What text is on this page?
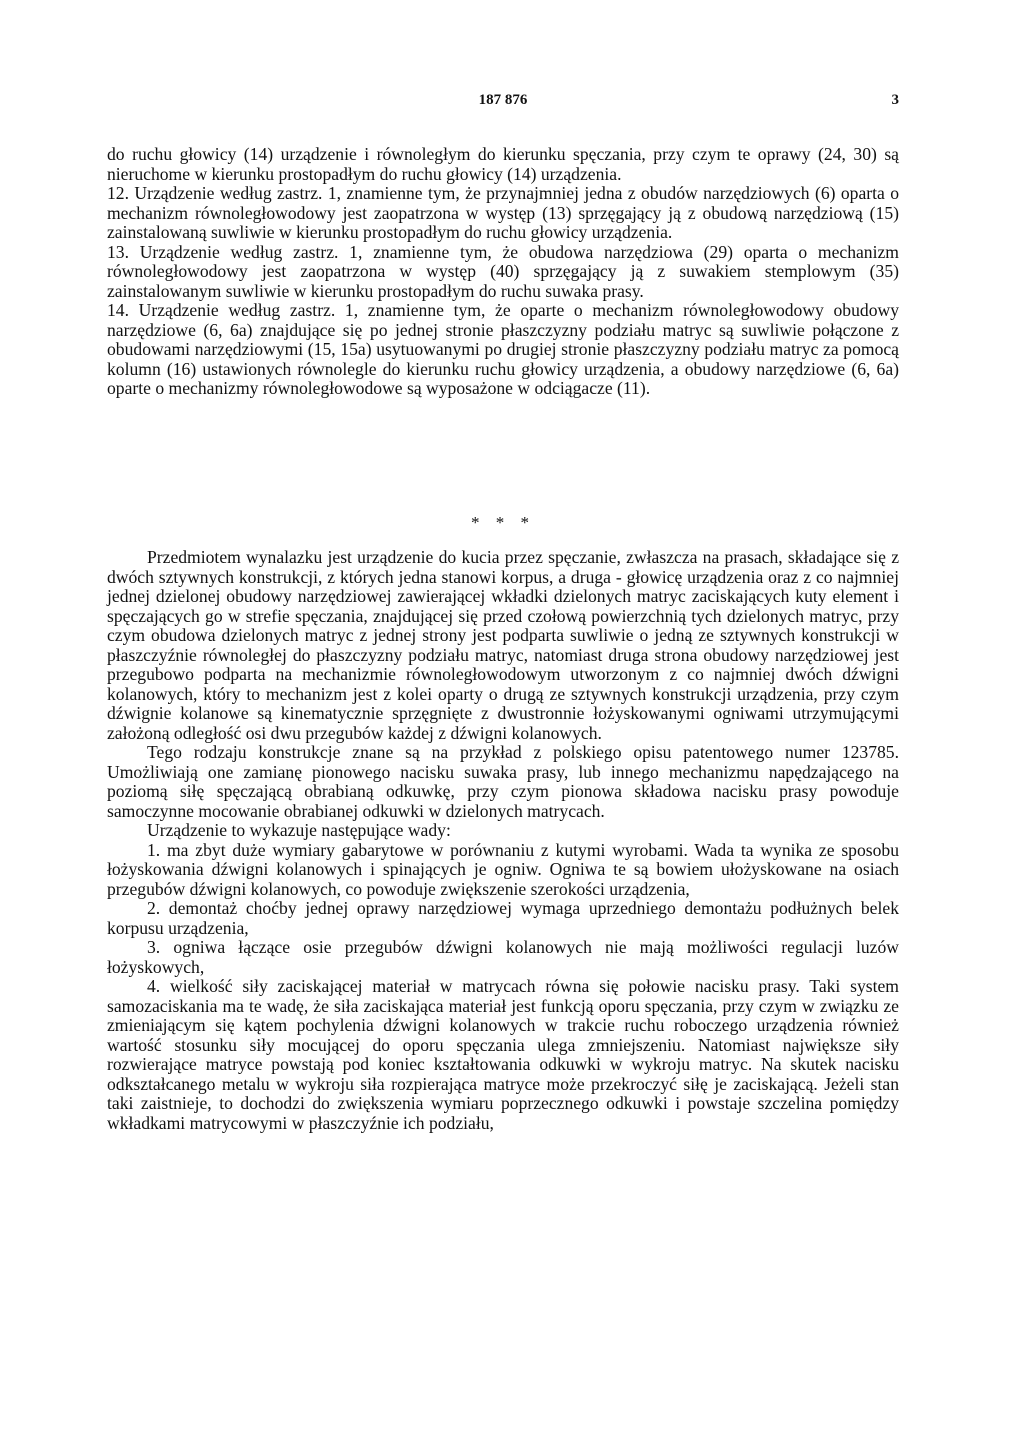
187 876	3

do ruchu głowicy (14) urządzenie i równoległym do kierunku spęczania, przy czym te oprawy (24, 30) są nieruchome w kierunku prostopadłym do ruchu głowicy (14) urządzenia.

12. Urządzenie według zastrz. 1, znamienne tym, że przynajmniej jedna z obudów narzędziowych (6) oparta o mechanizm równoległowodowy jest zaopatrzona w występ (13) sprzęgający ją z obudową narzędziową (15) zainstalowaną suwliwie w kierunku prostopadłym do ruchu głowicy urządzenia.

13. Urządzenie według zastrz. 1, znamienne tym, że obudowa narzędziowa (29) oparta o mechanizm równoległowodowy jest zaopatrzona w występ (40) sprzęgający ją z suwakiem stemplowym (35) zainstalowanym suwliwie w kierunku prostopadłym do ruchu suwaka prasy.

14. Urządzenie według zastrz. 1, znamienne tym, że oparte o mechanizm równoległowodowy obudowy narzędziowe (6, 6a) znajdujące się po jednej stronie płaszczyzny podziału matryc są suwliwie połączone z obudowami narzędziowymi (15, 15a) usytuowanymi po drugiej stronie płaszczyzny podziału matryc za pomocą kolumn (16) ustawionych równolegle do kierunku ruchu głowicy urządzenia, a obudowy narzędziowe (6, 6a) oparte o mechanizmy równoległowodowe są wyposażone w odciągacze (11).

* * *

Przedmiotem wynalazku jest urządzenie do kucia przez spęczanie, zwłaszcza na prasach, składające się z dwóch sztywnych konstrukcji, z których jedna stanowi korpus, a druga - głowicę urządzenia oraz z co najmniej jednej dzielonej obudowy narzędziowej zawierającej wkładki dzielonych matryc zaciskających kuty element i spęczających go w strefie spęczania, znajdującej się przed czołową powierzchnią tych dzielonych matryc, przy czym obudowa dzielonych matryc z jednej strony jest podparta suwliwie o jedną ze sztywnych konstrukcji w płaszczyźnie równoległej do płaszczyzny podziału matryc, natomiast druga strona obudowy narzędziowej jest przegubowo podparta na mechanizmie równoległowodowym utworzonym z co najmniej dwóch dźwigni kolanowych, który to mechanizm jest z kolei oparty o drugą ze sztywnych konstrukcji urządzenia, przy czym dźwignie kolanowe są kinematycznie sprzęgnięte z dwustronnie łożyskowanymi ogniwami utrzymującymi założoną odległość osi dwu przegubów każdej z dźwigni kolanowych.

Tego rodzaju konstrukcje znane są na przykład z polskiego opisu patentowego numer 123785. Umożliwiają one zamianę pionowego nacisku suwaka prasy, lub innego mechanizmu napędzającego na poziomą siłę spęczającą obrabianą odkuwkę, przy czym pionowa składowa nacisku prasy powoduje samoczynne mocowanie obrabianej odkuwki w dzielonych matrycach.

Urządzenie to wykazuje następujące wady:

1. ma zbyt duże wymiary gabarytowe w porównaniu z kutymi wyrobami. Wada ta wynika ze sposobu łożyskowania dźwigni kolanowych i spinających je ogniw. Ogniwa te są bowiem ułożyskowane na osiach przegubów dźwigni kolanowych, co powoduje zwiększenie szerokości urządzenia,

2. demontaż choćby jednej oprawy narzędziowej wymaga uprzedniego demontażu podłużnych belek korpusu urządzenia,

3. ogniwa łączące osie przegubów dźwigni kolanowych nie mają możliwości regulacji luzów łożyskowych,

4. wielkość siły zaciskającej materiał w matrycach równa się połowie nacisku prasy. Taki system samozaciskania ma te wadę, że siła zaciskająca materiał jest funkcją oporu spęczania, przy czym w związku ze zmieniającym się kątem pochylenia dźwigni kolanowych w trakcie ruchu roboczego urządzenia również wartość stosunku siły mocującej do oporu spęczania ulega zmniejszeniu. Natomiast największe siły rozwierające matryce powstają pod koniec kształtowania odkuwki w wykroju matryc. Na skutek nacisku odkształcanego metalu w wykroju siła rozpierająca matryce może przekroczyć siłę je zaciskającą. Jeżeli stan taki zaistnieje, to dochodzi do zwiększenia wymiaru poprzecznego odkuwki i powstaje szczelina pomiędzy wkładkami matrycowymi w płaszczyźnie ich podziału,
